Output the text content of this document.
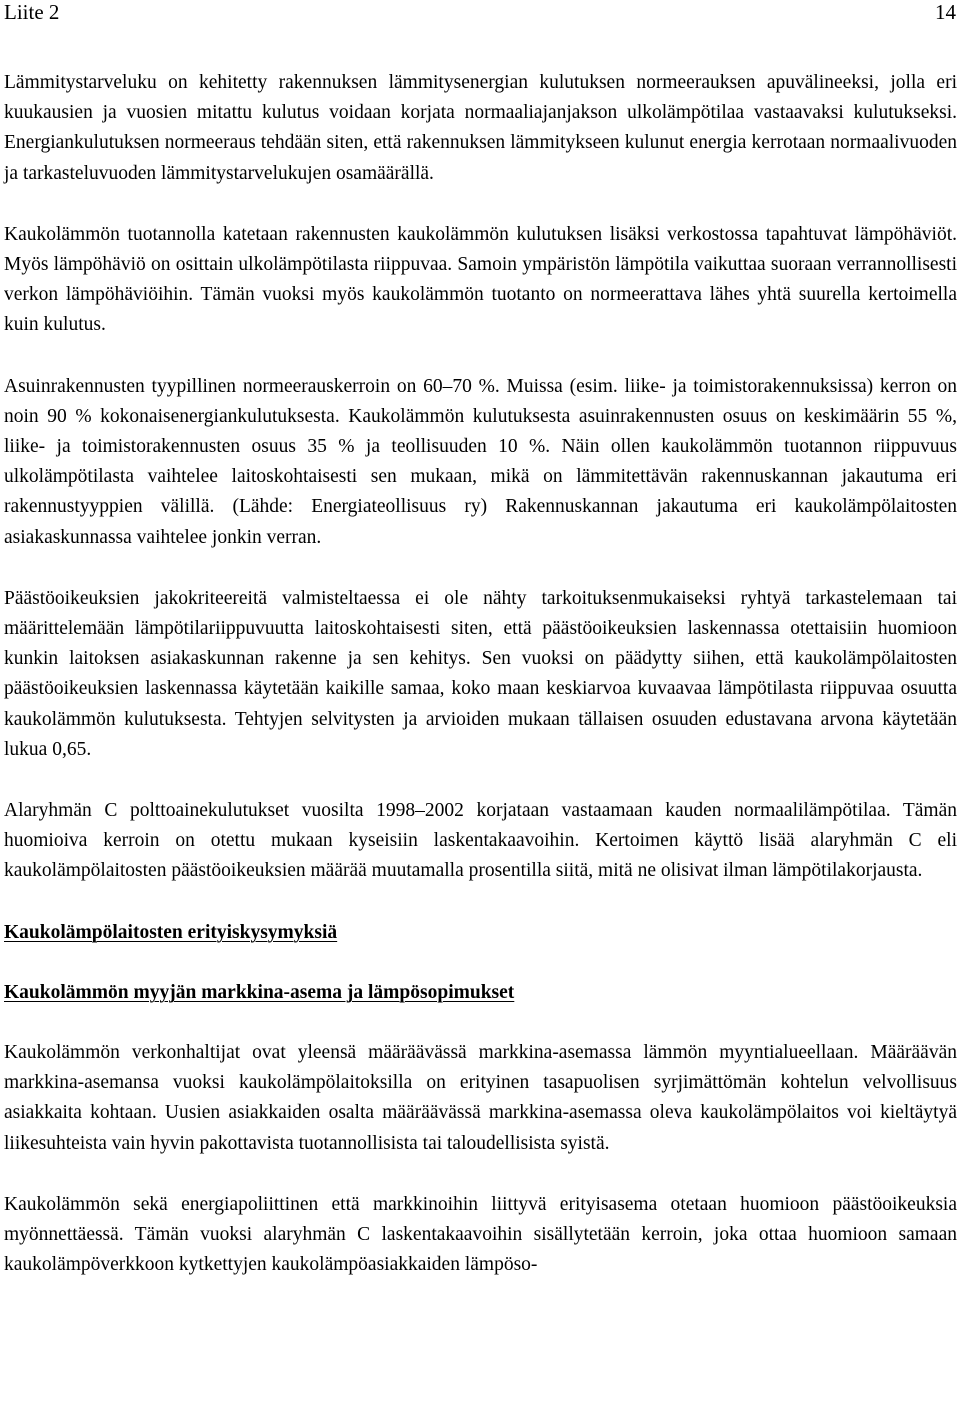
Liite 2	14

Lämmitystarveluku on kehitetty rakennuksen lämmitysenergian kulutuksen normeerauksen apuvälineeksi, jolla eri kuukausien ja vuosien mitattu kulutus voidaan korjata normaaliajanjakson ulkolämpötilaa vastaavaksi kulutukseksi. Energiankulutuksen normeeraus tehdään siten, että rakennuksen lämmitykseen kulunut energia kerrotaan normaalivuoden ja tarkasteluvuoden lämmitystarvelukujen osamäärällä.

Kaukolämmön tuotannolla katetaan rakennusten kaukolämmön kulutuksen lisäksi verkostossa tapahtuvat lämpöhäviöt. Myös lämpöhäviö on osittain ulkolämpötilasta riippuvaa. Samoin ympäristön lämpötila vaikuttaa suoraan verrannollisesti verkon lämpöhäviöihin. Tämän vuoksi myös kaukolämmön tuotanto on normeerattava lähes yhtä suurella kertoimella kuin kulutus.

Asuinrakennusten tyypillinen normeerauskerroin on 60–70 %. Muissa (esim. liike- ja toimistorakennuksissa) kerron on noin 90 % kokonaisenergiankulutuksesta. Kaukolämmön kulutuksesta asuinrakennusten osuus on keskimäärin 55 %, liike- ja toimistorakennusten osuus 35 % ja teollisuuden 10 %. Näin ollen kaukolämmön tuotannon riippuvuus ulkolämpötilasta vaihtelee laitoskohtaisesti sen mukaan, mikä on lämmitettävän rakennuskannan jakautuma eri rakennustyyppien välillä. (Lähde: Energiateollisuus ry) Rakennuskannan jakautuma eri kaukolämpölaitosten asiakaskunnassa vaihtelee jonkin verran.

Päästöoikeuksien jakokriteereitä valmisteltaessa ei ole nähty tarkoituksenmukaiseksi ryhtyä tarkastelemaan tai määrittelemään lämpötilariippuvuutta laitoskohtaisesti siten, että päästöoikeuksien laskennassa otettaisiin huomioon kunkin laitoksen asiakaskunnan rakenne ja sen kehitys. Sen vuoksi on päädytty siihen, että kaukolämpölaitosten päästöoikeuksien laskennassa käytetään kaikille samaa, koko maan keskiarvoa kuvaavaa lämpötilasta riippuvaa osuutta kaukolämmön kulutuksesta. Tehtyjen selvitysten ja arvioiden mukaan tällaisen osuuden edustavana arvona käytetään lukua 0,65.

Alaryhmän C polttoainekulutukset vuosilta 1998–2002 korjataan vastaamaan kauden normaalilämpötilaa. Tämän huomioiva kerroin on otettu mukaan kyseisiin laskentakaavoihin. Kertoimen käyttö lisää alaryhmän C eli kaukolämpölaitosten päästöoikeuksien määrää muutamalla prosentilla siitä, mitä ne olisivat ilman lämpötilakorjausta.

Kaukolämpölaitosten erityiskysymyksiä
Kaukolämmön myyjän markkina-asema ja lämpösopimukset

Kaukolämmön verkonhaltijat ovat yleensä määräävässä markkina-asemassa lämmön myyntialueellaan. Määräävän markkina-asemansa vuoksi kaukolämpölaitoksilla on erityinen tasapuolisen syrjimättömän kohtelun velvollisuus asiakkaita kohtaan. Uusien asiakkaiden osalta määräävässä markkina-asemassa oleva kaukolämpölaitos voi kieltäytyä liikesuhteista vain hyvin pakottavista tuotannollisista tai taloudellisista syistä.

Kaukolämmön sekä energiapoliittinen että markkinoihin liittyvä erityisasema otetaan huomioon päästöoikeuksia myönnettäessä. Tämän vuoksi alaryhmän C laskentakaavoihin sisällytetään kerroin, joka ottaa huomioon samaan kaukolämpöverkkoon kytkettyjen kaukolämpöasiakkaiden lämpöso-
